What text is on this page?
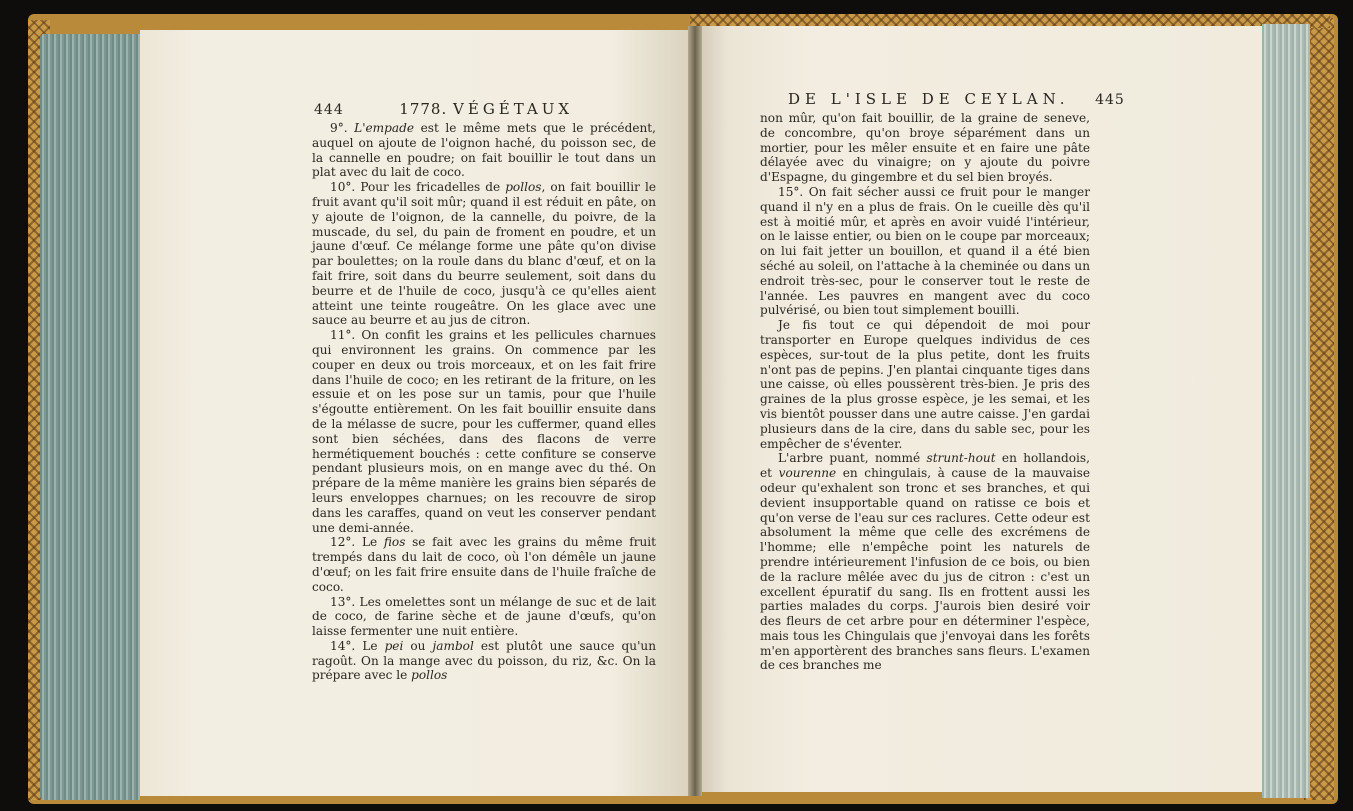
444	1778. VÉGÉTAUX

9°. L'empade est le même mets que le précédent, auquel on ajoute de l'oignon haché, du poisson sec, de la cannelle en poudre; on fait bouillir le tout dans un plat avec du lait de coco.

10°. Pour les fricadelles de pollos, on fait bouillir le fruit avant qu'il soit mûr; quand il est réduit en pâte, on y ajoute de l'oignon, de la cannelle, du poivre, de la muscade, du sel, du pain de froment en poudre, et un jaune d'œuf. Ce mélange forme une pâte qu'on divise par boulettes; on la roule dans du blanc d'œuf, et on la fait frire, soit dans du beurre seulement, soit dans du beurre et de l'huile de coco, jusqu'à ce qu'elles aient atteint une teinte rougeâtre. On les glace avec une sauce au beurre et au jus de citron.

11°. On confit les grains et les pellicules charnues qui environnent les grains. On commence par les couper en deux ou trois morceaux, et on les fait frire dans l'huile de coco; en les retirant de la friture, on les essuie et on les pose sur un tamis, pour que l'huile s'égoutte entièrement. On les fait bouillir ensuite dans de la mélasse de sucre, pour les cuffermer, quand elles sont bien séchées, dans des flacons de verre hermétiquement bouchés : cette confiture se conserve pendant plusieurs mois, on en mange avec du thé. On prépare de la même manière les grains bien séparés de leurs enveloppes charnues; on les recouvre de sirop dans les caraffes, quand on veut les conserver pendant une demi-année.

12°. Le fios se fait avec les grains du même fruit trempés dans du lait de coco, où l'on démêle un jaune d'œuf; on les fait frire ensuite dans de l'huile fraîche de coco.

13°. Les omelettes sont un mélange de suc et de lait de coco, de farine sèche et de jaune d'œufs, qu'on laisse fermenter une nuit entière.

14°. Le pei ou jambol est plutôt une sauce qu'un ragoût. On la mange avec du poisson, du riz, &c. On la prépare avec le pollos

DE L'ISLE DE CEYLAN. 445

non mûr, qu'on fait bouillir, de la graine de seneve, de concombre, qu'on broye séparément dans un mortier, pour les mêler ensuite et en faire une pâte délayée avec du vinaigre; on y ajoute du poivre d'Espagne, du gingembre et du sel bien broyés.

15°. On fait sécher aussi ce fruit pour le manger quand il n'y en a plus de frais. On le cueille dès qu'il est à moitié mûr, et après en avoir vuidé l'intérieur, on le laisse entier, ou bien on le coupe par morceaux; on lui fait jetter un bouillon, et quand il a été bien séché au soleil, on l'attache à la cheminée ou dans un endroit très-sec, pour le conserver tout le reste de l'année. Les pauvres en mangent avec du coco pulvérisé, ou bien tout simplement bouilli.

Je fis tout ce qui dépendoit de moi pour transporter en Europe quelques individus de ces espèces, sur-tout de la plus petite, dont les fruits n'ont pas de pepins. J'en plantai cinquante tiges dans une caisse, où elles poussèrent très-bien. Je pris des graines de la plus grosse espèce, je les semai, et les vis bientôt pousser dans une autre caisse. J'en gardai plusieurs dans de la cire, dans du sable sec, pour les empêcher de s'éventer.

L'arbre puant, nommé strunt-hout en hollandois, et vourenne en chingulais, à cause de la mauvaise odeur qu'exhalent son tronc et ses branches, et qui devient insupportable quand on ratisse ce bois et qu'on verse de l'eau sur ces raclures. Cette odeur est absolument la même que celle des excrémens de l'homme; elle n'empêche point les naturels de prendre intérieurement l'infusion de ce bois, ou bien de la raclure mêlée avec du jus de citron : c'est un excellent épuratif du sang. Ils en frottent aussi les parties malades du corps. J'aurois bien desiré voir des fleurs de cet arbre pour en déterminer l'espèce, mais tous les Chingulais que j'envoyai dans les forêts m'en apportèrent des branches sans fleurs. L'examen de ces branches me
